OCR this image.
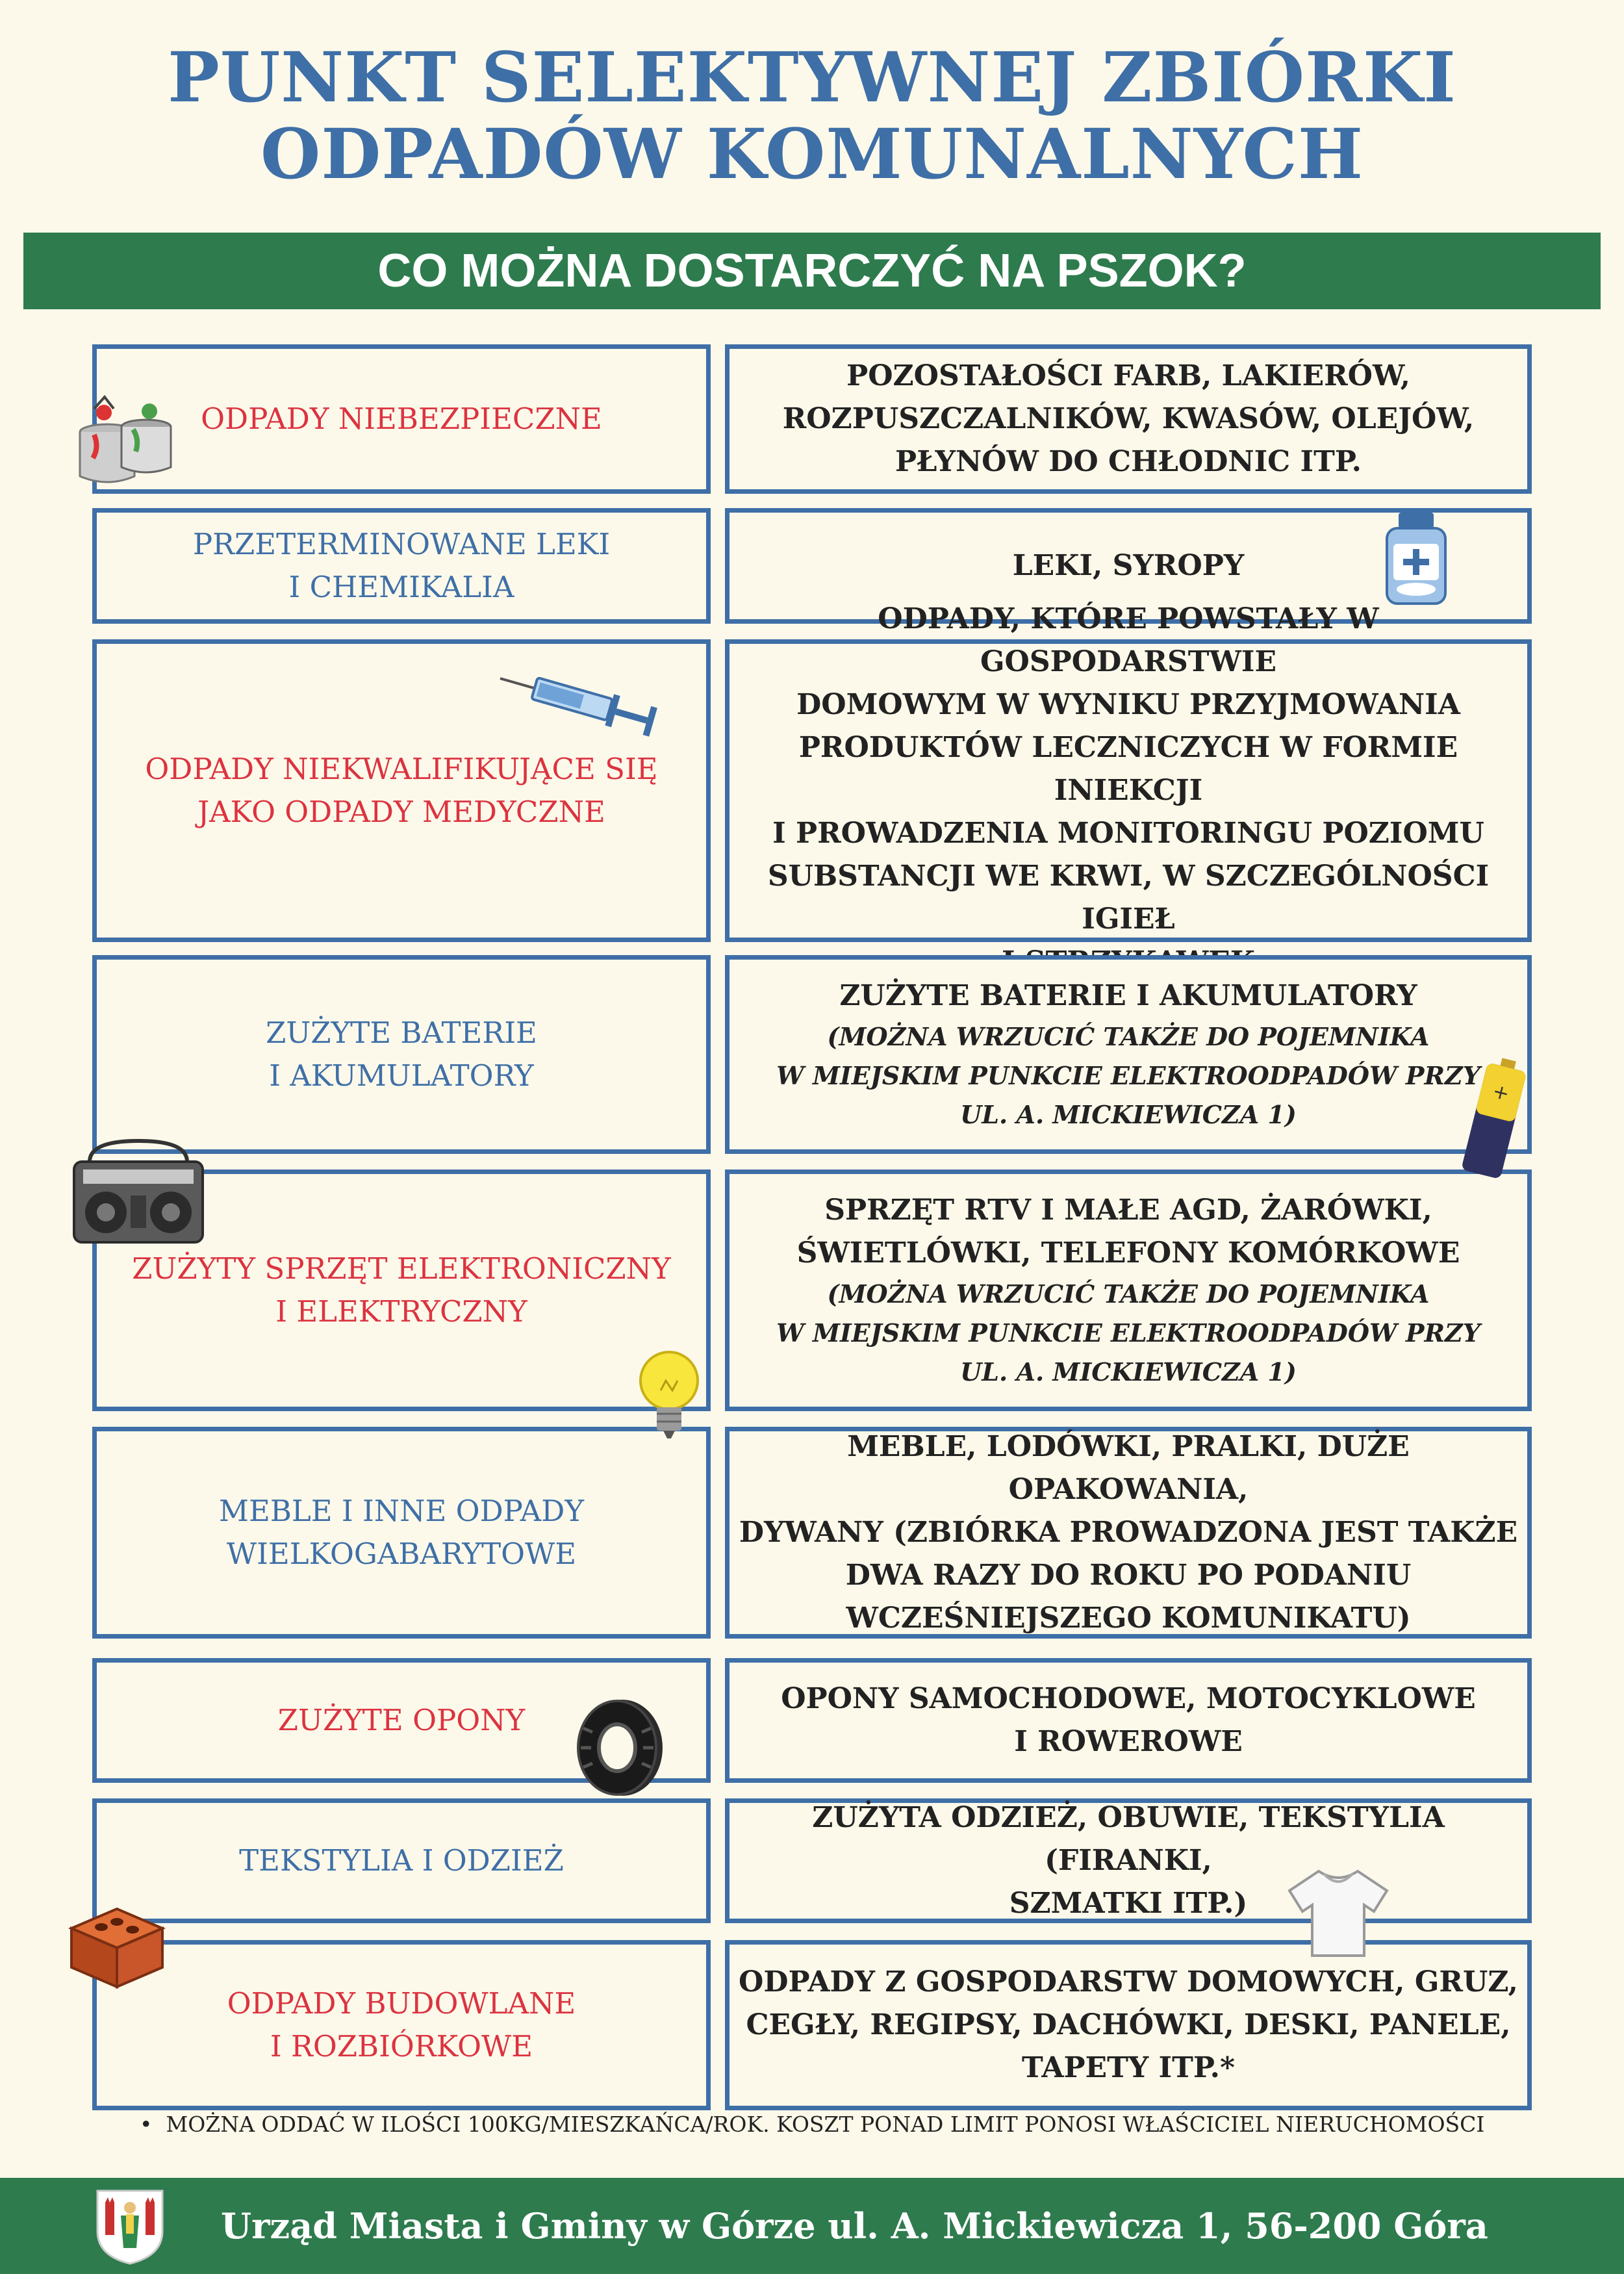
PUNKT SELEKTYWNEJ ZBIÓRKI
ODPADÓW KOMUNALNYCH
CO MOŻNA DOSTARCZYĆ NA PSZOK?
ODPADY NIEBEZPIECZNE
POZOSTAŁOŚCI FARB, LAKIERÓW,
ROZPUSZCZALNIKÓW, KWASÓW, OLEJÓW,
PŁYNÓW DO CHŁODNIC ITP.
PRZETERMINOWANE LEKI
I CHEMIKALIA
LEKI, SYROPY
ODPADY NIEKWALIFIKUJĄCE SIĘ
JAKO ODPADY MEDYCZNE
ODPADY, KTÓRE POWSTAŁY W GOSPODARSTWIE
DOMOWYM W WYNIKU PRZYJMOWANIA
PRODUKTÓW LECZNICZYCH W FORMIE INIEKCJI
I PROWADZENIA MONITORINGU POZIOMU
SUBSTANCJI WE KRWI, W SZCZEGÓLNOŚCI IGIEŁ
ZUŻYTE BATERIE
I AKUMULATORY
ZUŻYTE BATERIE I AKUMULATORY
(MOŻNA WRZUCIĆ TAKŻE DO POJEMNIKA
W MIEJSKIM PUNKCIE ELEKTROODPADÓW PRZY
UL. A. MICKIEWICZA 1)
ZUŻYTY SPRZĘT ELEKTRONICZNY
I ELEKTRYCZNY
SPRZĘT RTV I MAŁE AGD, ŻARÓWKI,
ŚWIETLÓWKI, TELEFONY KOMÓRKOWE
(MOŻNA WRZUCIĆ TAKŻE DO POJEMNIKA
W MIEJSKIM PUNKCIE ELEKTROODPADÓW PRZY
UL. A. MICKIEWICZA 1)
MEBLE I INNE ODPADY
WIELKOGABARYTOWE
MEBLE, LODÓWKI, PRALKI, DUŻE OPAKOWANIA,
DYWANY (ZBIÓRKA PROWADZONA JEST TAKŻE
DWA RAZY DO ROKU PO PODANIU
WCZEŚNIEJSZEGO KOMUNIKATU)
ZUŻYTE OPONY
OPONY SAMOCHODOWE, MOTOCYKLOWE
I ROWEROWE
TEKSTYLIA I ODZIEŻ
ZUŻYTA ODZIEŻ, OBUWIE, TEKSTYLIA (FIRANKI,
SZMATKI ITP.)
ODPADY BUDOWLANE
I ROZBIÓRKOWE
ODPADY Z GOSPODARSTW DOMOWYCH, GRUZ,
CEGŁY, REGIPSY, DACHÓWKI, DESKI, PANELE,
TAPETY ITP.*
•  MOŻNA ODDAĆ W ILOŚCI 100KG/MIESZKAŃCA/ROK. KOSZT PONAD LIMIT PONOSI WŁAŚCICIEL NIERUCHOMOŚCI
Urząd Miasta i Gminy w Górze ul. A. Mickiewicza 1, 56-200 Góra
+
